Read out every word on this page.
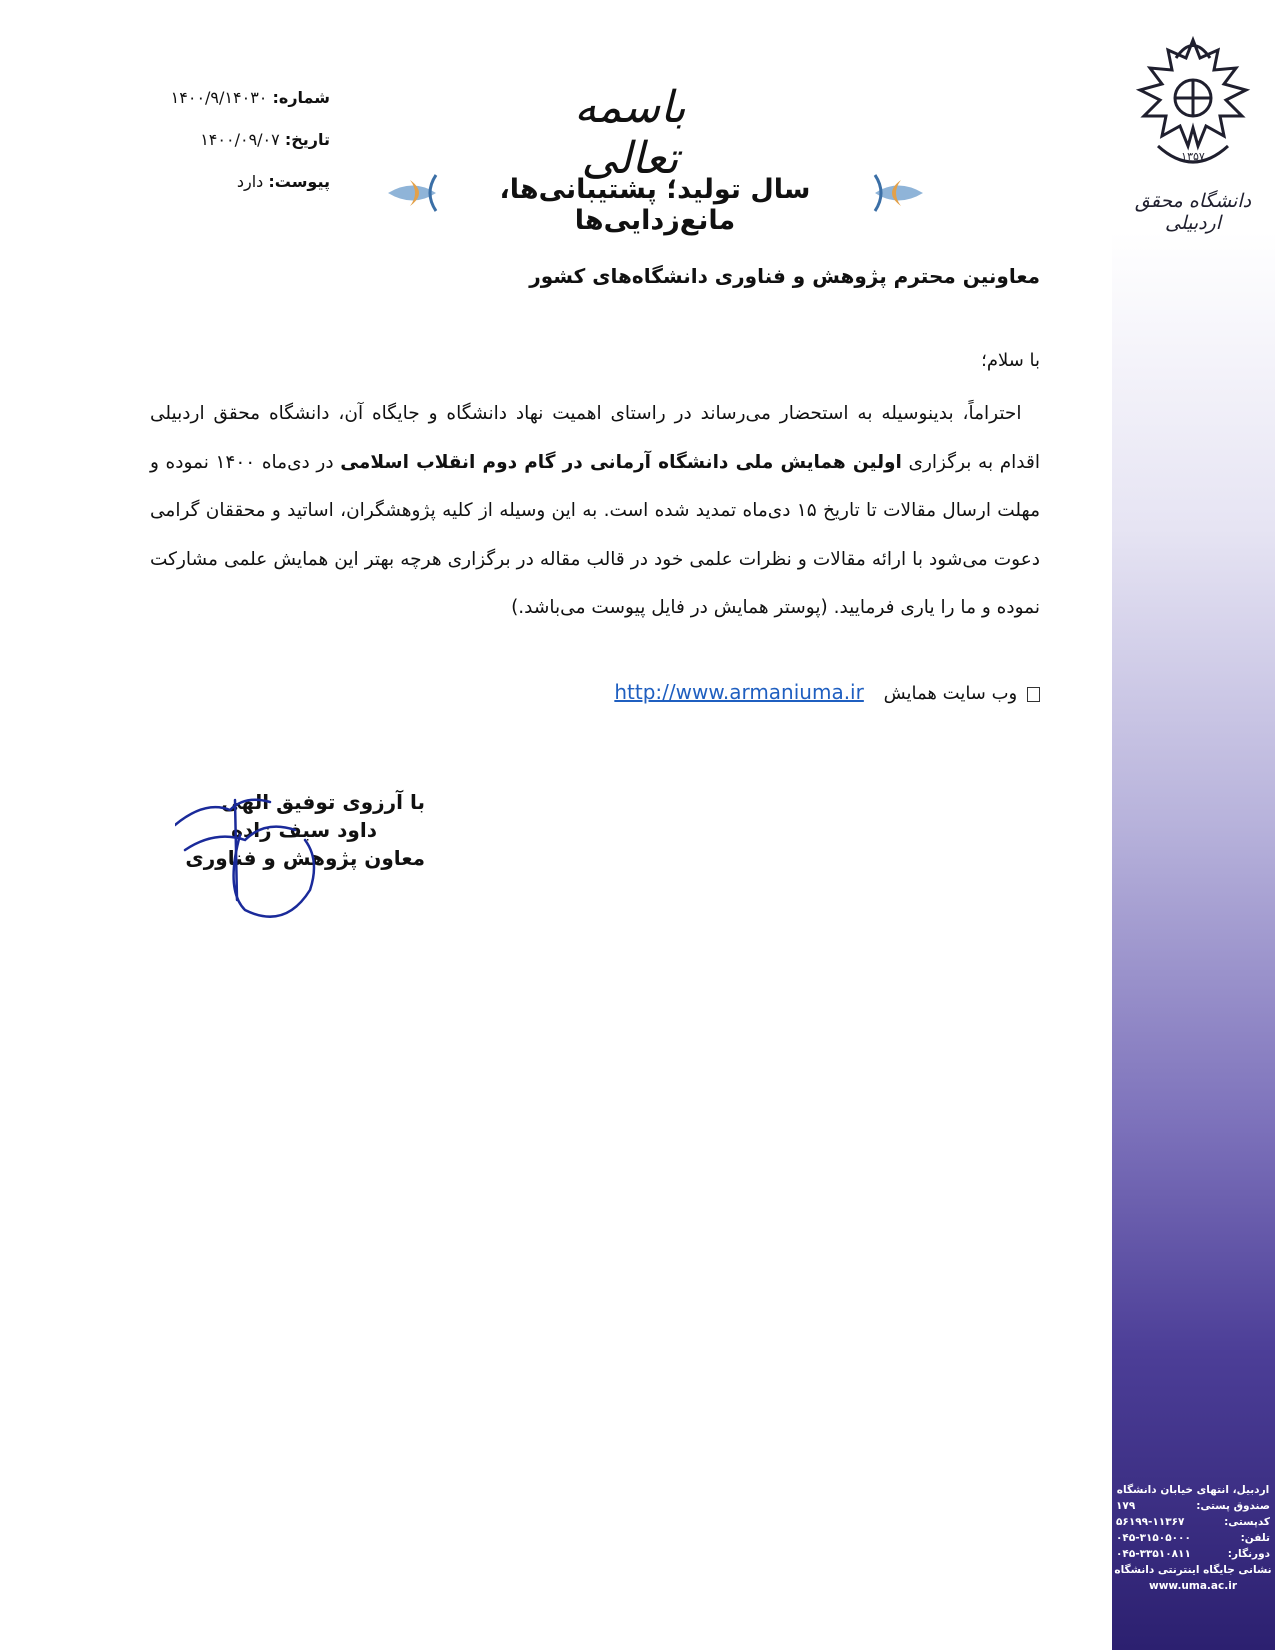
۱۳۵۷
دانشگاه محقق اردبیلی
باسمه تعالی
سال تولید؛ پشتیبانی‌ها، مانع‌زدایی‌ها
شماره: ۱۴۰۰/۹/۱۴۰۳۰
تاریخ: ۱۴۰۰/۰۹/۰۷
پیوست: دارد
معاونین محترم پژوهش و فناوری دانشگاه‌های کشور
با سلام؛
 احتراماً، بدینوسیله به استحضار می‌رساند در راستای اهمیت نهاد دانشگاه و جایگاه آن، دانشگاه محقق اردبیلی اقدام به برگزاری اولین همایش ملی دانشگاه آرمانی در گام دوم انقلاب اسلامی در دی‌ماه ۱۴۰۰ نموده و مهلت ارسال مقالات تا تاریخ ۱۵ دی‌ماه تمدید شده است. به این وسیله از کلیه پژوهشگران، اساتید و محققان گرامی دعوت می‌شود با ارائه مقالات و نظرات علمی خود در قالب مقاله در برگزاری هرچه بهتر این همایش علمی مشارکت نموده و ما را یاری فرمایید. (پوستر همایش در فایل پیوست می‌باشد.)
وب سایت همایش http://www.armaniuma.ir
با آرزوی توفیق الهی
داود سیف زاده
معاون پژوهش و فناوری
اردبیل، انتهای خیابان دانشگاه
صندوق پستی:
۱۷۹
کدپستی:
۵۶۱۹۹-۱۱۳۶۷
تلفن:
۰۴۵-۳۱۵۰۵۰۰۰
دورنگار:
۰۴۵-۳۳۵۱۰۸۱۱
نشانی جایگاه اینترنتی دانشگاه
www.uma.ac.ir
